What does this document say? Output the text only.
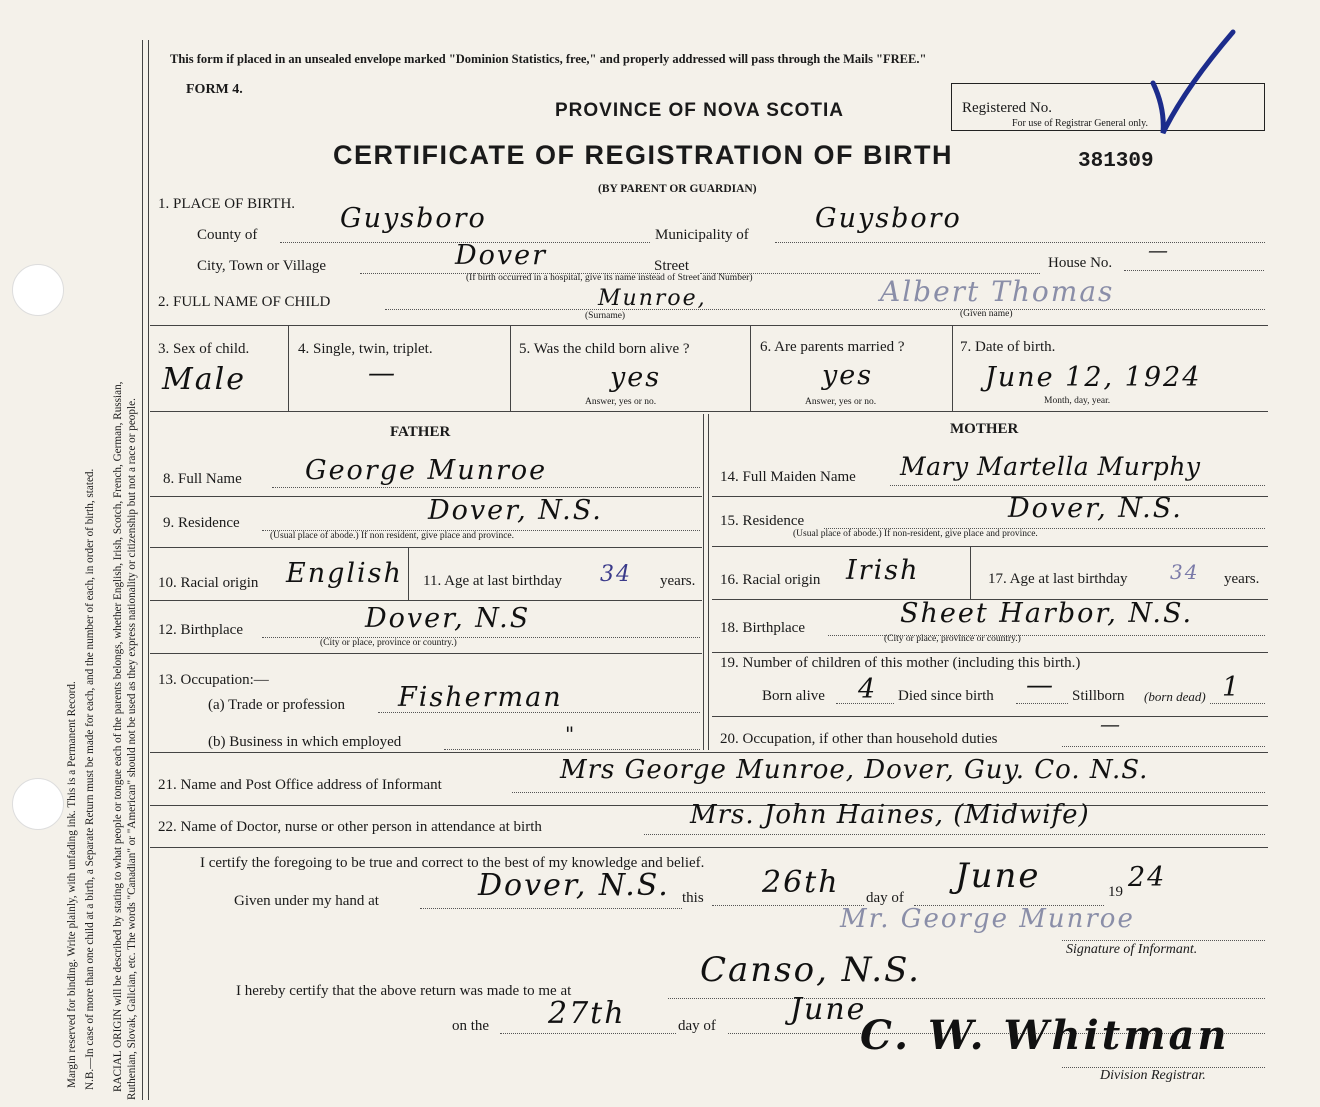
Margin reserved for binding. Write plainly, with unfading ink. This is a Permanent Record. N.B.—In case of more than one child at a birth, a Separate Return must be made for each, and the number of each, in order of birth, stated. RACIAL ORIGIN will be described by stating to what people or tongue each of the parents belongs, whether English, Irish, Scotch, French, German, Russian, Ruthenian, Slovak, Galician, etc. The words "Canadian" or "American" should not be used as they express nationality or citizenship but not a race or people.
This form if placed in an unsealed envelope marked "Dominion Statistics, free," and properly addressed will pass through the Mails "FREE."
FORM 4.
PROVINCE OF NOVA SCOTIA	Registered No.
For use of Registrar General only.
CERTIFICATE OF REGISTRATION OF BIRTH	381309
(BY PARENT OR GUARDIAN)
1. PLACE OF BIRTH.
County of
Guysboro
Municipality of
Guysboro
City, Town or Village	Dover	Street	House No.
—
(If birth occurred in a hospital, give its name instead of Street and Number)
2. FULL NAME OF CHILD	Munroe,
(Surname)
Albert Thomas
(Given name)
3. Sex of child.
Male
4. Single, twin, triplet.
—
5. Was the child born alive ?
yes
Answer, yes or no.
6. Are parents married ?
yes
Answer, yes or no.
7. Date of birth.
June 12, 1924
Month, day, year.
FATHER	MOTHER
8. Full Name George Munroe
9. Residence	Dover, N.S.
(Usual place of abode.) If non resident, give place and province.
10. Racial origin English 11. Age at last birthday 34 years.
12. Birthplace	Dover, N.S
(City or place, province or country.)
13. Occupation:—
(a) Trade or profession Fisherman
(b) Business in which employed	"
14. Full Maiden Name Mary Martella Murphy
15. Residence	Dover, N.S.
(Usual place of abode.) If non-resident, give place and province.
16. Racial origin Irish	17. Age at last birthday 34 years.
18. Birthplace	Sheet Harbor, N.S.
(City or place, province or country.)
19. Number of children of this mother (including this birth.)
Born alive 4 Died since birth — Stillborn (born dead) 1
20. Occupation, if other than household duties
—
21. Name and Post Office address of Informant	Mrs George Munroe, Dover, Guy. Co. N.S.
22. Name of Doctor, nurse or other person in attendance at birth	Mrs. John Haines, (Midwife)
I certify the foregoing to be true and correct to the best of my knowledge and belief.
Given under my hand at	Dover, N.S. this 26th day of
June	19 24
Mr. George Munroe
Signature of Informant.
I hereby certify that the above return was made to me at
Canso, N.S.
on the 27th	day of June
C. W. Whitman
Division Registrar.
